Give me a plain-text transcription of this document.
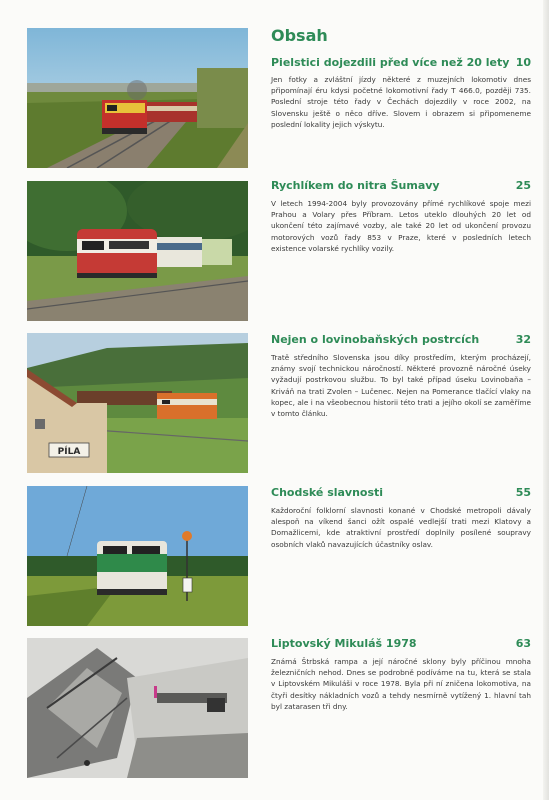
Obsah
Pielstici dojezdili před více než 20 lety 10
Jen fotky a zvláštní jízdy některé z muzejních lokomotiv dnes připomínají éru kdysi početné lokomotivní řady T 466.0, později 735. Poslední stroje této řady v Čechách dojezdily v roce 2002, na Slovensku ještě o něco dříve. Slovem i obrazem si připomeneme poslední lokality jejich výskytu.
Rychlíkem do nitra Šumavy	25
V letech 1994-2004 byly provozovány přímé rychlíkové spoje mezi Prahou a Volary přes Příbram. Letos uteklo dlouhých 20 let od ukončení této zajímavé vozby, ale také 20 let od ukončení provozu motorových vozů řady 853 v Praze, které v posledních letech existence volarské rychlíky vozily.
PÍLA
Nejen o lovinobaňských postrcích	32
Tratě středního Slovenska jsou díky prostředím, kterým procházejí, známy svojí technickou náročností. Některé provozně náročné úseky vyžadují postrkovou službu. To byl také případ úseku Lovinobaňa – Kriváň na trati Zvolen – Lučenec. Nejen na Pomerance tlačící vlaky na kopec, ale i na všeobecnou historii této trati a jejího okolí se zaměříme v tomto článku.
Chodské slavnosti	55
Každoroční folklorní slavnosti konané v Chodské metropoli dávaly alespoň na víkend šanci ožít ospalé vedlejší trati mezi Klatovy a Domažlicemi, kde atraktivní prostředí doplnily posílené soupravy osobních vlaků navazujících účastníky oslav.
Liptovský Mikuláš 1978	63
Známá Štrbská rampa a její náročné sklony byly příčinou mnoha železničních nehod. Dnes se podrobně podíváme na tu, která se stala v Liptovském Mikuláši v roce 1978. Byla při ní zničena lokomotiva, na čtyři desítky nákladních vozů a tehdy nesmírně vytížený 1. hlavní tah byl zatarasen tři dny.
